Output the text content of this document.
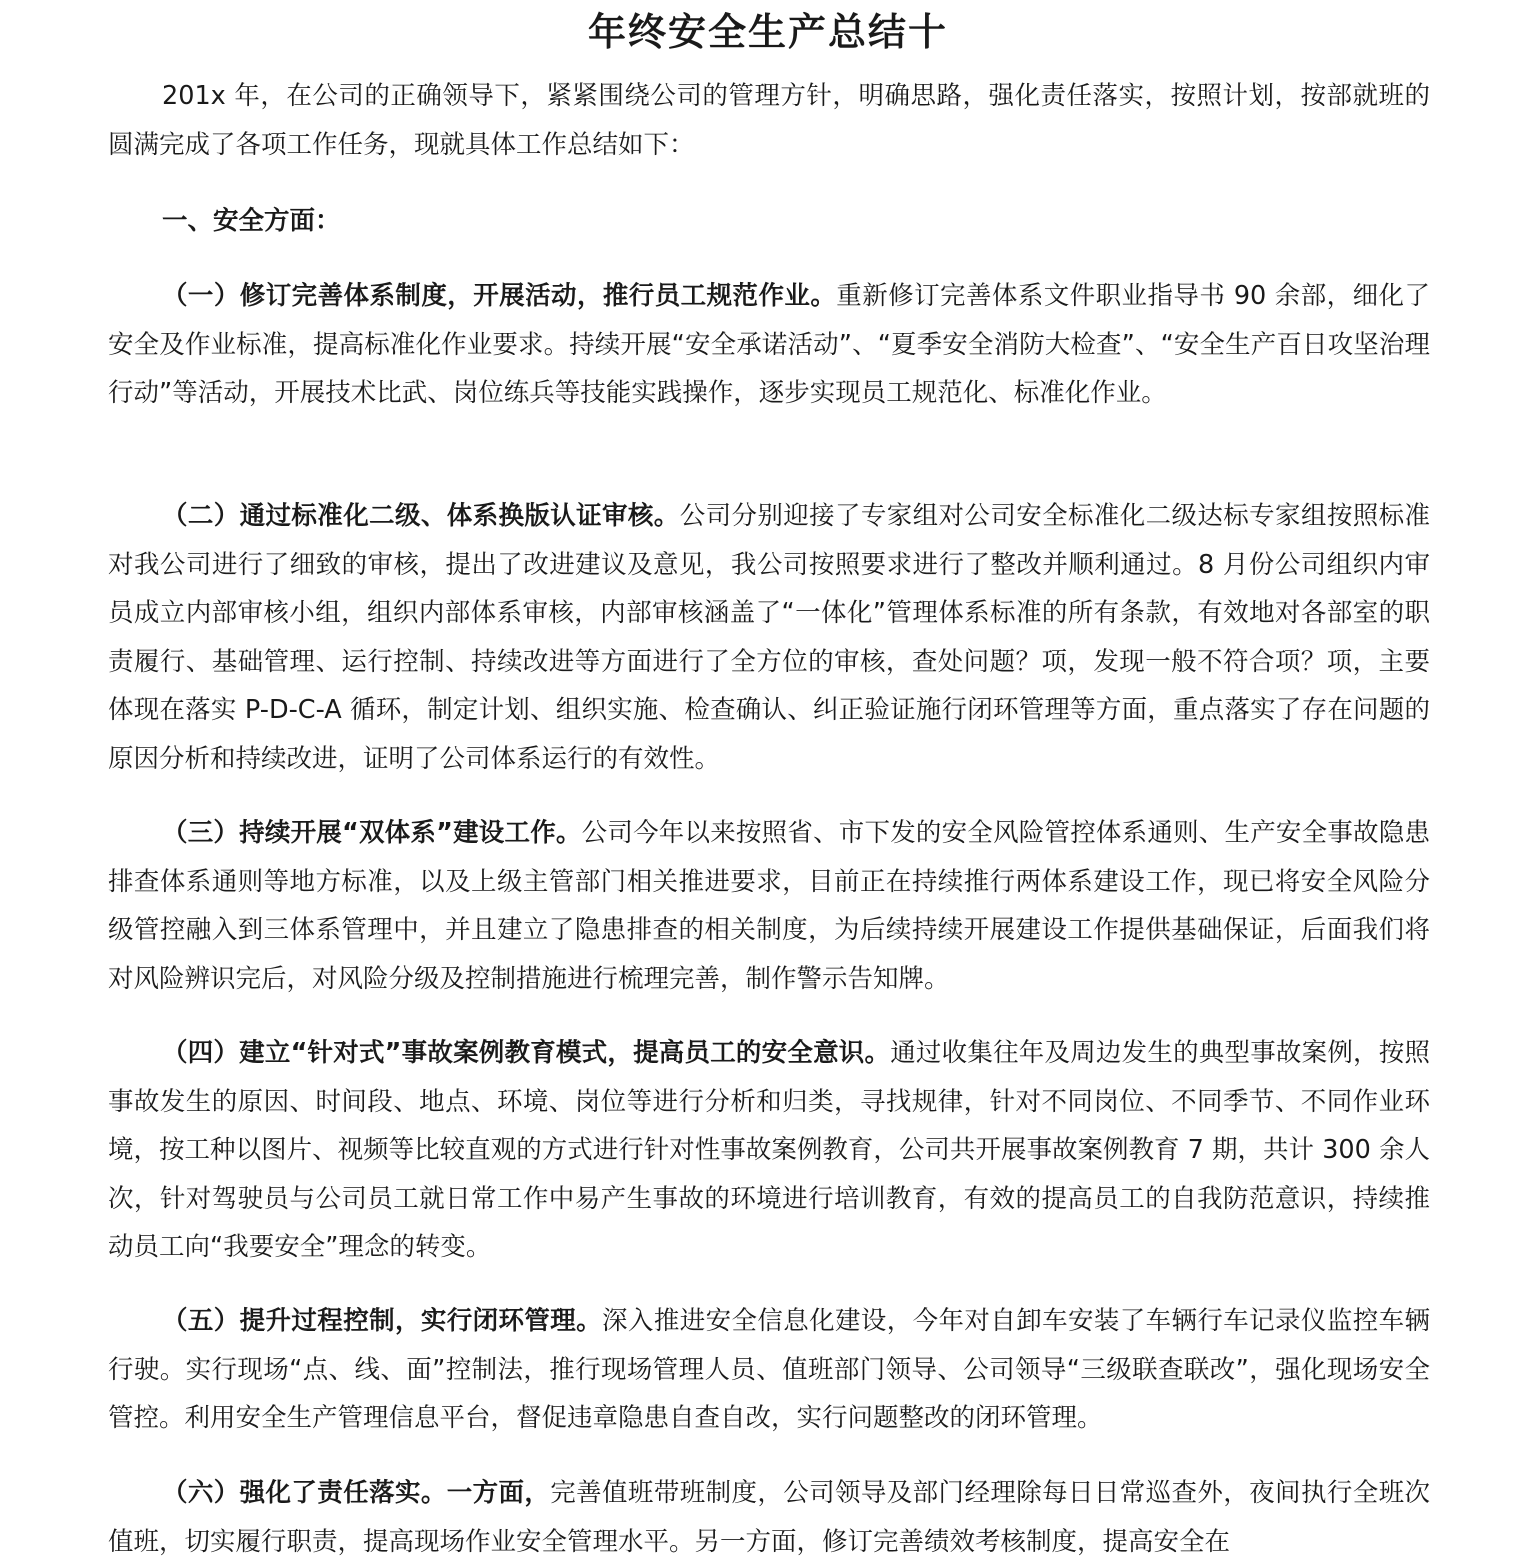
年终安全生产总结十

201x 年，在公司的正确领导下，紧紧围绕公司的管理方针，明确思路，强化责任落实，按照计划，按部就班的圆满完成了各项工作任务，现就具体工作总结如下：

一、安全方面：

（一）修订完善体系制度，开展活动，推行员工规范作业。重新修订完善体系文件职业指导书 90 余部，细化了安全及作业标准，提高标准化作业要求。持续开展“安全承诺活动”、“夏季安全消防大检查”、“安全生产百日攻坚治理行动”等活动，开展技术比武、岗位练兵等技能实践操作，逐步实现员工规范化、标准化作业。

（二）通过标准化二级、体系换版认证审核。公司分别迎接了专家组对公司安全标准化二级达标专家组按照标准对我公司进行了细致的审核，提出了改进建议及意见，我公司按照要求进行了整改并顺利通过。8 月份公司组织内审员成立内部审核小组，组织内部体系审核，内部审核涵盖了“一体化”管理体系标准的所有条款，有效地对各部室的职责履行、基础管理、运行控制、持续改进等方面进行了全方位的审核，查处问题？项，发现一般不符合项？项，主要体现在落实 P-D-C-A 循环，制定计划、组织实施、检查确认、纠正验证施行闭环管理等方面，重点落实了存在问题的原因分析和持续改进，证明了公司体系运行的有效性。

（三）持续开展“双体系”建设工作。公司今年以来按照省、市下发的安全风险管控体系通则、生产安全事故隐患排查体系通则等地方标准，以及上级主管部门相关推进要求，目前正在持续推行两体系建设工作，现已将安全风险分级管控融入到三体系管理中，并且建立了隐患排查的相关制度，为后续持续开展建设工作提供基础保证，后面我们将对风险辨识完后，对风险分级及控制措施进行梳理完善，制作警示告知牌。

（四）建立“针对式”事故案例教育模式，提高员工的安全意识。通过收集往年及周边发生的典型事故案例，按照事故发生的原因、时间段、地点、环境、岗位等进行分析和归类，寻找规律，针对不同岗位、不同季节、不同作业环境，按工种以图片、视频等比较直观的方式进行针对性事故案例教育，公司共开展事故案例教育 7 期，共计 300 余人次，针对驾驶员与公司员工就日常工作中易产生事故的环境进行培训教育，有效的提高员工的自我防范意识，持续推动员工向“我要安全”理念的转变。

（五）提升过程控制，实行闭环管理。深入推进安全信息化建设，今年对自卸车安装了车辆行车记录仪监控车辆行驶。实行现场“点、线、面”控制法，推行现场管理人员、值班部门领导、公司领导“三级联查联改”，强化现场安全管控。利用安全生产管理信息平台，督促违章隐患自查自改，实行问题整改的闭环管理。

（六）强化了责任落实。一方面，完善值班带班制度，公司领导及部门经理除每日日常巡查外，夜间执行全班次值班，切实履行职责，提高现场作业安全管理水平。另一方面，修订完善绩效考核制度，提高安全在
